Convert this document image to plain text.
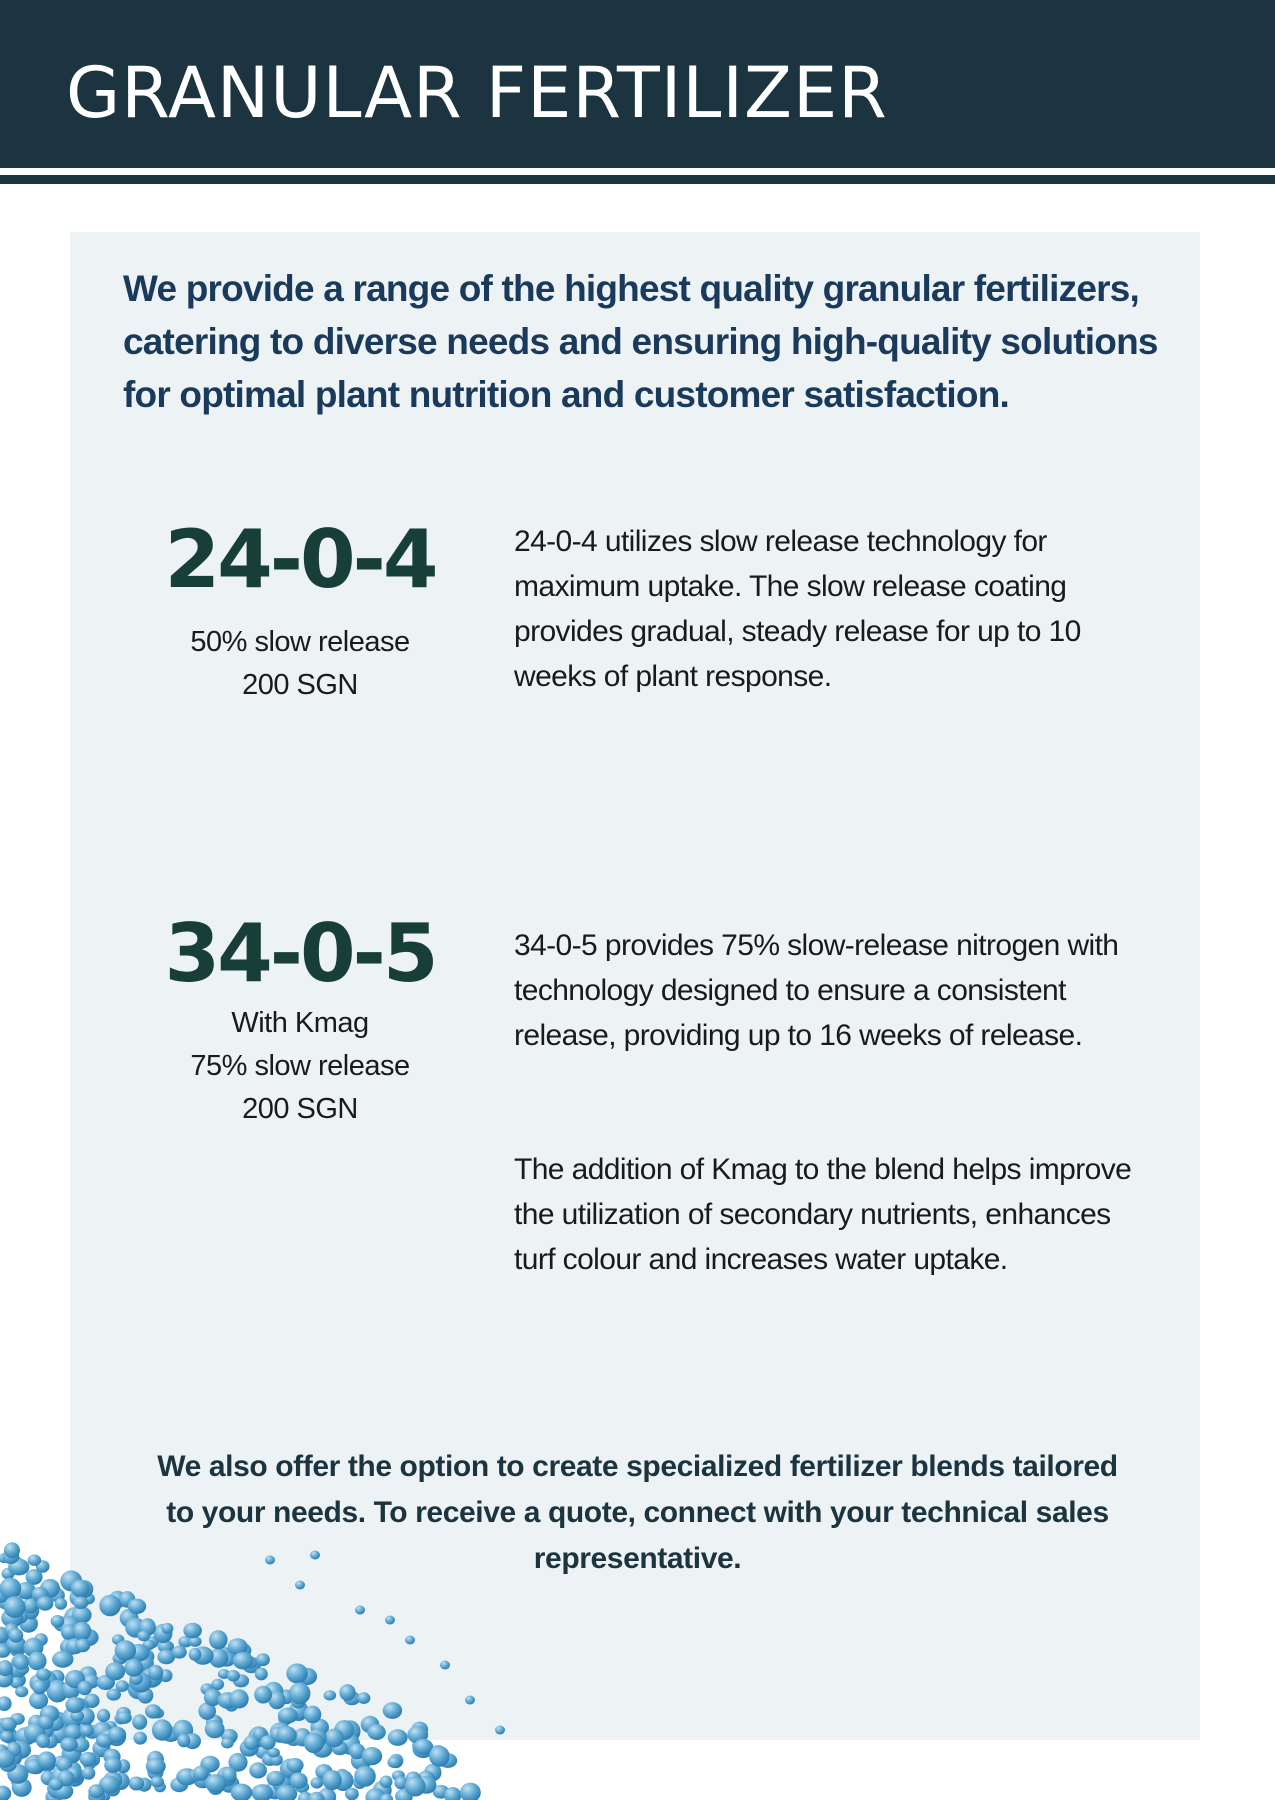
GRANULAR FERTILIZER

We provide a range of the highest quality granular fertilizers, catering to diverse needs and ensuring high-quality solutions for optimal plant nutrition and customer satisfaction.

24-0-4
50% slow release
200 SGN

24-0-4 utilizes slow release technology for maximum uptake. The slow release coating provides gradual, steady release for up to 10 weeks of plant response.

34-0-5
With Kmag
75% slow release
200 SGN

34-0-5 provides 75% slow-release nitrogen with technology designed to ensure a consistent release, providing up to 16 weeks of release.

The addition of Kmag to the blend helps improve the utilization of secondary nutrients, enhances turf colour and increases water uptake.

We also offer the option to create specialized fertilizer blends tailored to your needs. To receive a quote, connect with your technical sales representative.
